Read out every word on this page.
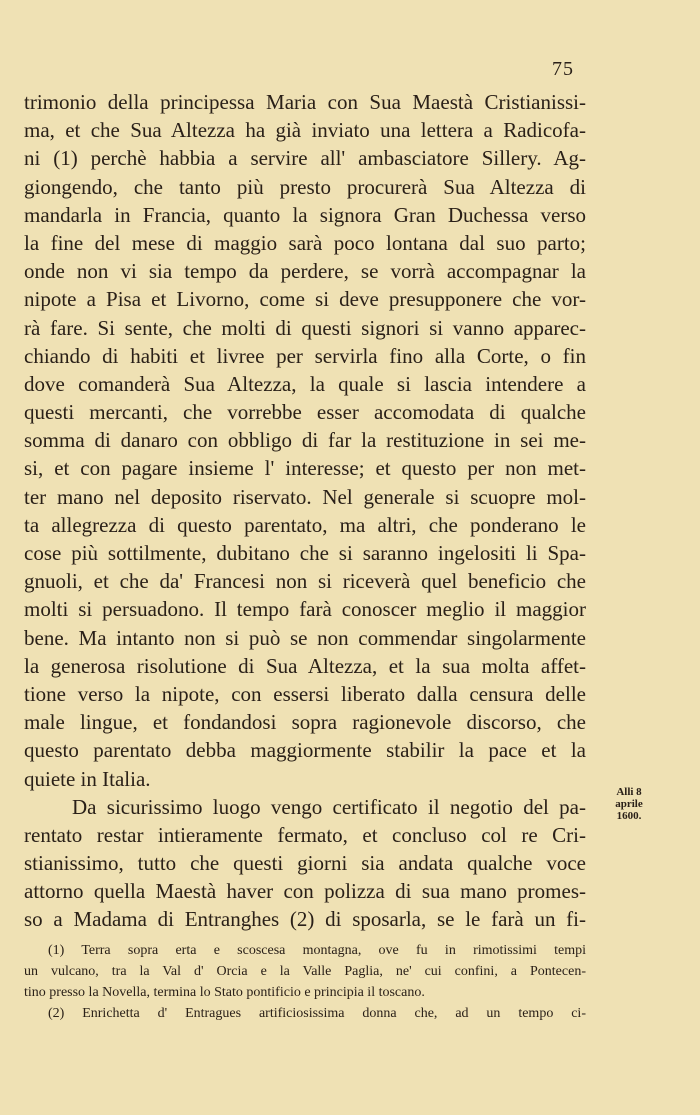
75
trimonio della principessa Maria con Sua Maestà Cristianissi-
ma, et che Sua Altezza ha già inviato una lettera a Radicofa-
ni (1) perchè habbia a servire all' ambasciatore Sillery. Ag-
giongendo, che tanto più presto procurerà Sua Altezza di
mandarla in Francia, quanto la signora Gran Duchessa verso
la fine del mese di maggio sarà poco lontana dal suo parto;
onde non vi sia tempo da perdere, se vorrà accompagnar la
nipote a Pisa et Livorno, come si deve presupponere che vor-
rà fare. Si sente, che molti di questi signori si vanno apparec-
chiando di habiti et livree per servirla fino alla Corte, o fin
dove comanderà Sua Altezza, la quale si lascia intendere a
questi mercanti, che vorrebbe esser accomodata di qualche
somma di danaro con obbligo di far la restituzione in sei me-
si, et con pagare insieme l' interesse; et questo per non met-
ter mano nel deposito riservato. Nel generale si scuopre mol-
ta allegrezza di questo parentato, ma altri, che ponderano le
cose più sottilmente, dubitano che si saranno ingelositi li Spa-
gnuoli, et che da' Francesi non si riceverà quel beneficio che
molti si persuadono. Il tempo farà conoscer meglio il maggior
bene. Ma intanto non si può se non commendar singolarmente
la generosa risolutione di Sua Altezza, et la sua molta affet-
tione verso la nipote, con essersi liberato dalla censura delle
male lingue, et fondandosi sopra ragionevole discorso, che
questo parentato debba maggiormente stabilir la pace et la
quiete in Italia.
Da sicurissimo luogo vengo certificato il negotio del pa-
rentato restar intieramente fermato, et concluso col re Cri-
stianissimo, tutto che questi giorni sia andata qualche voce
attorno quella Maestà haver con polizza di sua mano promes-
so a Madama di Entranghes (2) di sposarla, se le farà un fi-
Alli 8
aprile
1600.
(1) Terra sopra erta e scoscesa montagna, ove fu in rimotissimi tempi
un vulcano, tra la Val d' Orcia e la Valle Paglia, ne' cui confini, a Pontecen-
tino presso la Novella, termina lo Stato pontificio e principia il toscano.
(2) Enrichetta d' Entragues artificiosissima donna che, ad un tempo ci-
